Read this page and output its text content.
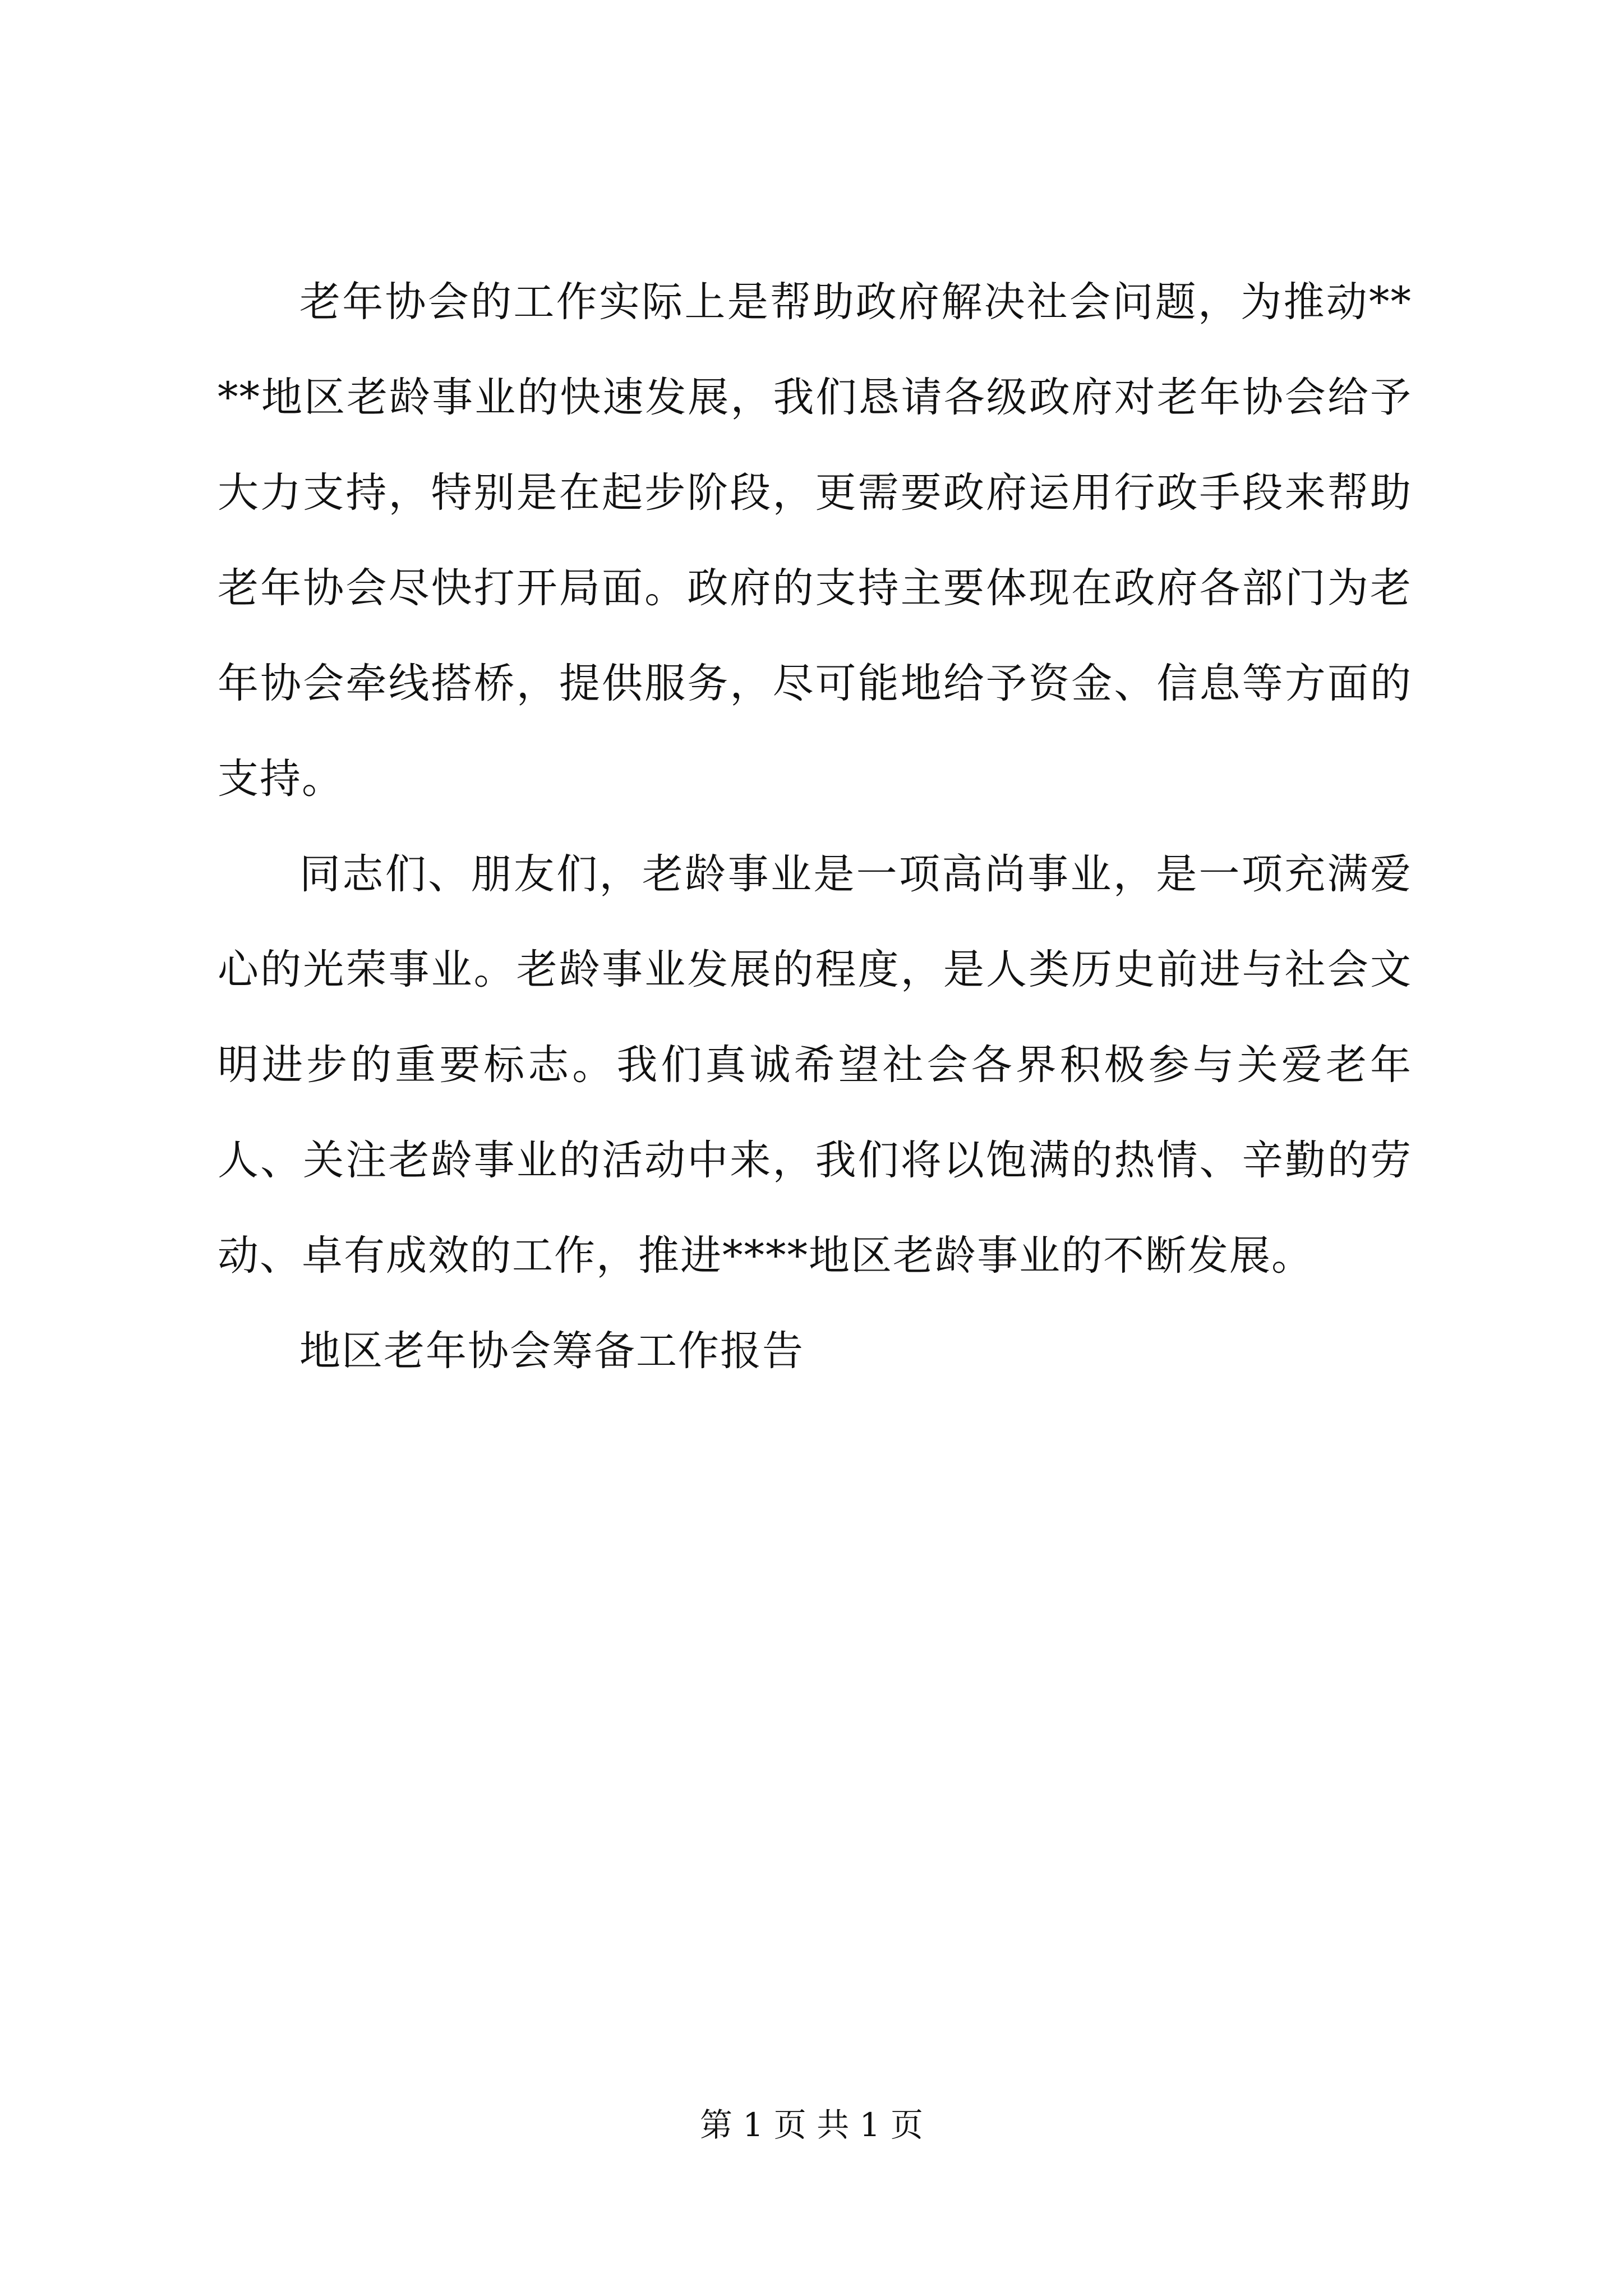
老年协会的工作实际上是帮助政府解决社会问题，为推动****地区老龄事业的快速发展，我们恳请各级政府对老年协会给予大力支持，特别是在起步阶段，更需要政府运用行政手段来帮助老年协会尽快打开局面。政府的支持主要体现在政府各部门为老年协会牵线搭桥，提供服务，尽可能地给予资金、信息等方面的支持。

同志们、朋友们，老龄事业是一项高尚事业，是一项充满爱心的光荣事业。老龄事业发展的程度，是人类历史前进与社会文明进步的重要标志。我们真诚希望社会各界积极参与关爱老年人、关注老龄事业的活动中来，我们将以饱满的热情、辛勤的劳动、卓有成效的工作，推进****地区老龄事业的不断发展。

地区老年协会筹备工作报告

第 1 页 共 1 页
